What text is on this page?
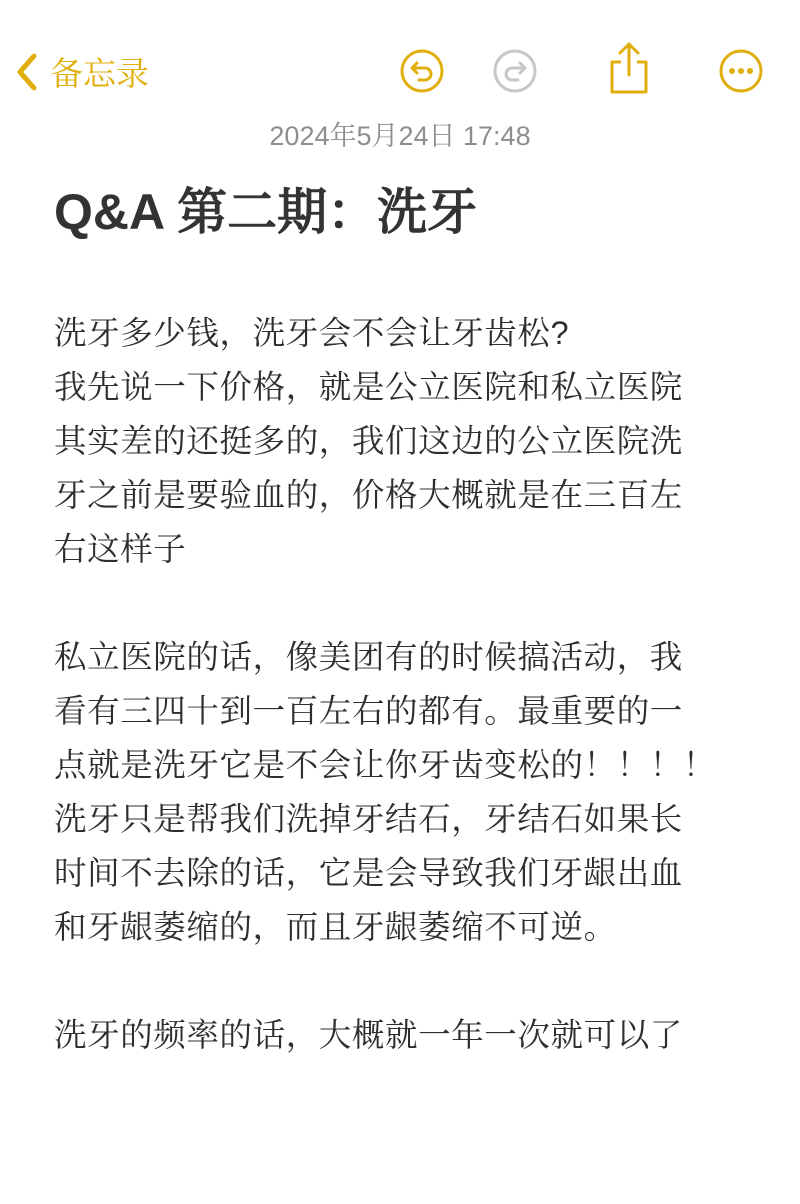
备忘录
2024年5月24日 17:48
Q&A 第二期：洗牙
洗牙多少钱，洗牙会不会让牙齿松?
我先说一下价格，就是公立医院和私立医院
其实差的还挺多的，我们这边的公立医院洗
牙之前是要验血的，价格大概就是在三百左
右这样子
私立医院的话，像美团有的时候搞活动，我
看有三四十到一百左右的都有。最重要的一
点就是洗牙它是不会让你牙齿变松的！！！！
洗牙只是帮我们洗掉牙结石，牙结石如果长
时间不去除的话，它是会导致我们牙龈出血
和牙龈萎缩的，而且牙龈萎缩不可逆。
洗牙的频率的话，大概就一年一次就可以了
